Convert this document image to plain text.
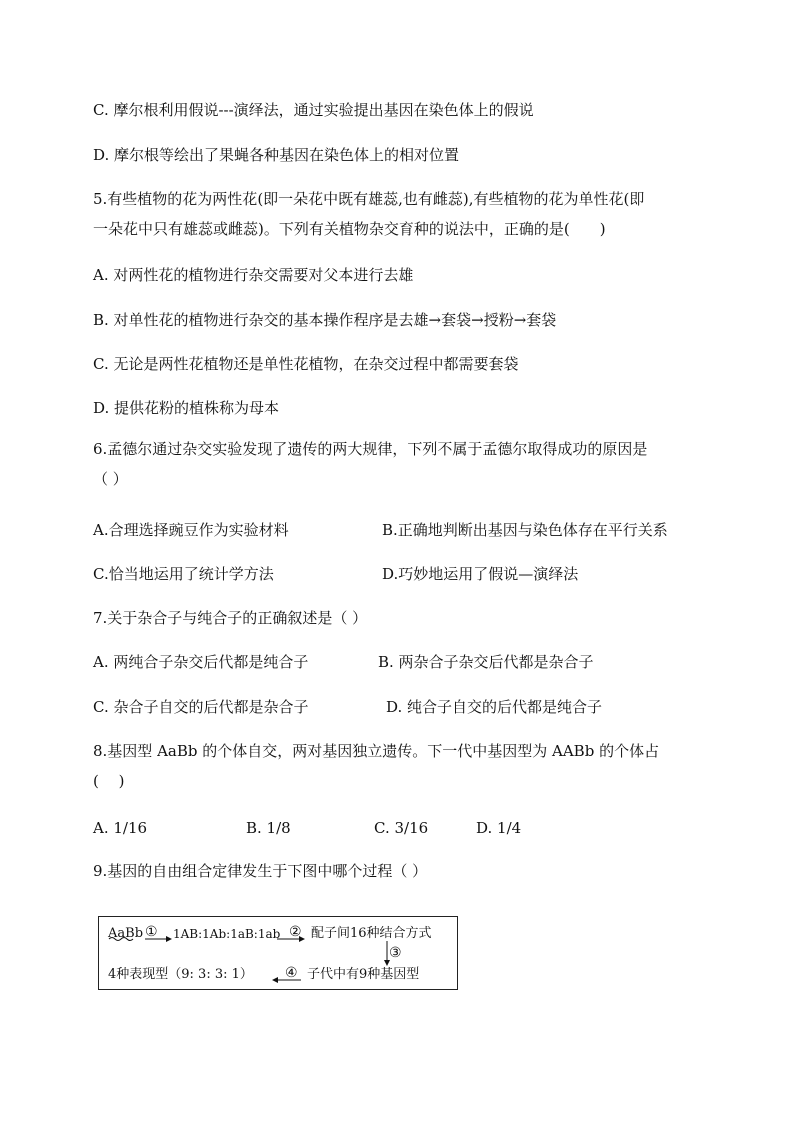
C. 摩尔根利用假说---演绎法，通过实验提出基因在染色体上的假说
D. 摩尔根等绘出了果蝇各种基因在染色体上的相对位置
5.有些植物的花为两性花(即一朵花中既有雄蕊,也有雌蕊),有些植物的花为单性花(即
一朵花中只有雄蕊或雌蕊)。下列有关植物杂交育种的说法中，正确的是(　　)
A. 对两性花的植物进行杂交需要对父本进行去雄
B. 对单性花的植物进行杂交的基本操作程序是去雄→套袋→授粉→套袋
C. 无论是两性花植物还是单性花植物，在杂交过程中都需要套袋
D. 提供花粉的植株称为母本
6.孟德尔通过杂交实验发现了遗传的两大规律，下列不属于孟德尔取得成功的原因是
（ ）
A.合理选择豌豆作为实验材料	B.正确地判断出基因与染色体存在平行关系
C.恰当地运用了统计学方法	D.巧妙地运用了假说—演绎法
7.关于杂合子与纯合子的正确叙述是（ ）
A. 两纯合子杂交后代都是纯合子	B. 两杂合子杂交后代都是杂合子
C. 杂合子自交的后代都是杂合子	D. 纯合子自交的后代都是纯合子
8.基因型 AaBb 的个体自交，两对基因独立遗传。下一代中基因型为 AABb 的个体占
(　 )
A. 1/16	B. 1/8	C. 3/16	D. 1/4
9.基因的自由组合定律发生于下图中哪个过程（ ）
AaBb ① 1AB:1Ab:1aB:1ab ② 配子间16种结合方式
③
4种表现型（9: 3: 3: 1） ④ 子代中有9种基因型
